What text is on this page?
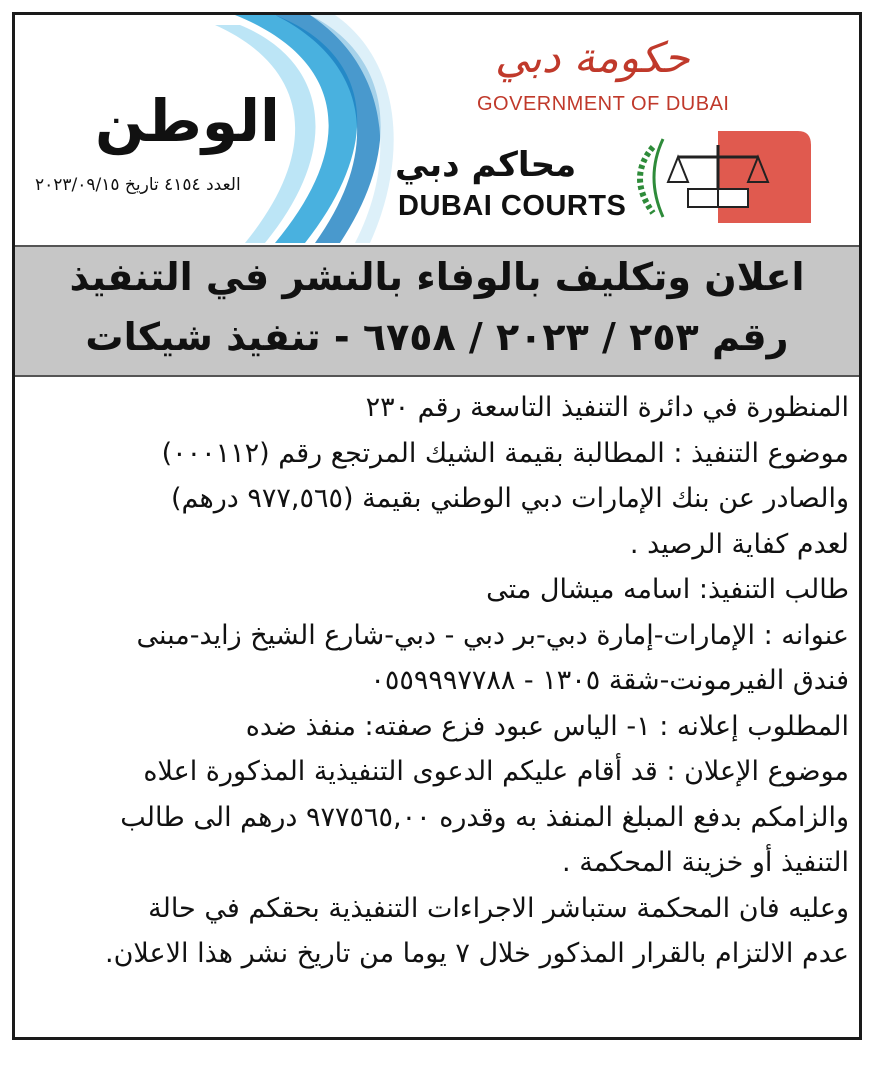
الوطن
العدد ٤١٥٤ تاريخ ٢٠٢٣/٠٩/١٥
حكومة دبي
GOVERNMENT OF DUBAI
محاكم دبي
DUBAI COURTS
اعلان وتكليف بالوفاء بالنشر في التنفيذ
رقم ٢٥٣ / ٢٠٢٣ / ٦٧٥٨ - تنفيذ شيكات

المنظورة في دائرة التنفيذ التاسعة رقم ٢٣٠

موضوع التنفيذ : المطالبة بقيمة الشيك المرتجع رقم (٠٠٠١١٢)

والصادر عن بنك الإمارات دبي الوطني بقيمة (٩٧٧,٥٦٥ درهم)

لعدم كفاية الرصيد .

طالب التنفيذ: اسامه ميشال متى

عنوانه : الإمارات-إمارة دبي-بر دبي - دبي-شارع الشيخ زايد-مبنى

فندق الفيرمونت-شقة ١٣٠٥ - ٠٥٥٩٩٩٧٧٨٨

المطلوب إعلانه : ١- الياس عبود فزع صفته: منفذ ضده

موضوع الإعلان : قد أقام عليكم الدعوى التنفيذية المذكورة اعلاه

والزامكم بدفع المبلغ المنفذ به وقدره ٩٧٧٥٦٥,٠٠ درهم الى طالب

التنفيذ أو خزينة المحكمة .

وعليه فان المحكمة ستباشر الاجراءات التنفيذية بحقكم في حالة

عدم الالتزام بالقرار المذكور خلال ٧ يوما من تاريخ نشر هذا الاعلان.
